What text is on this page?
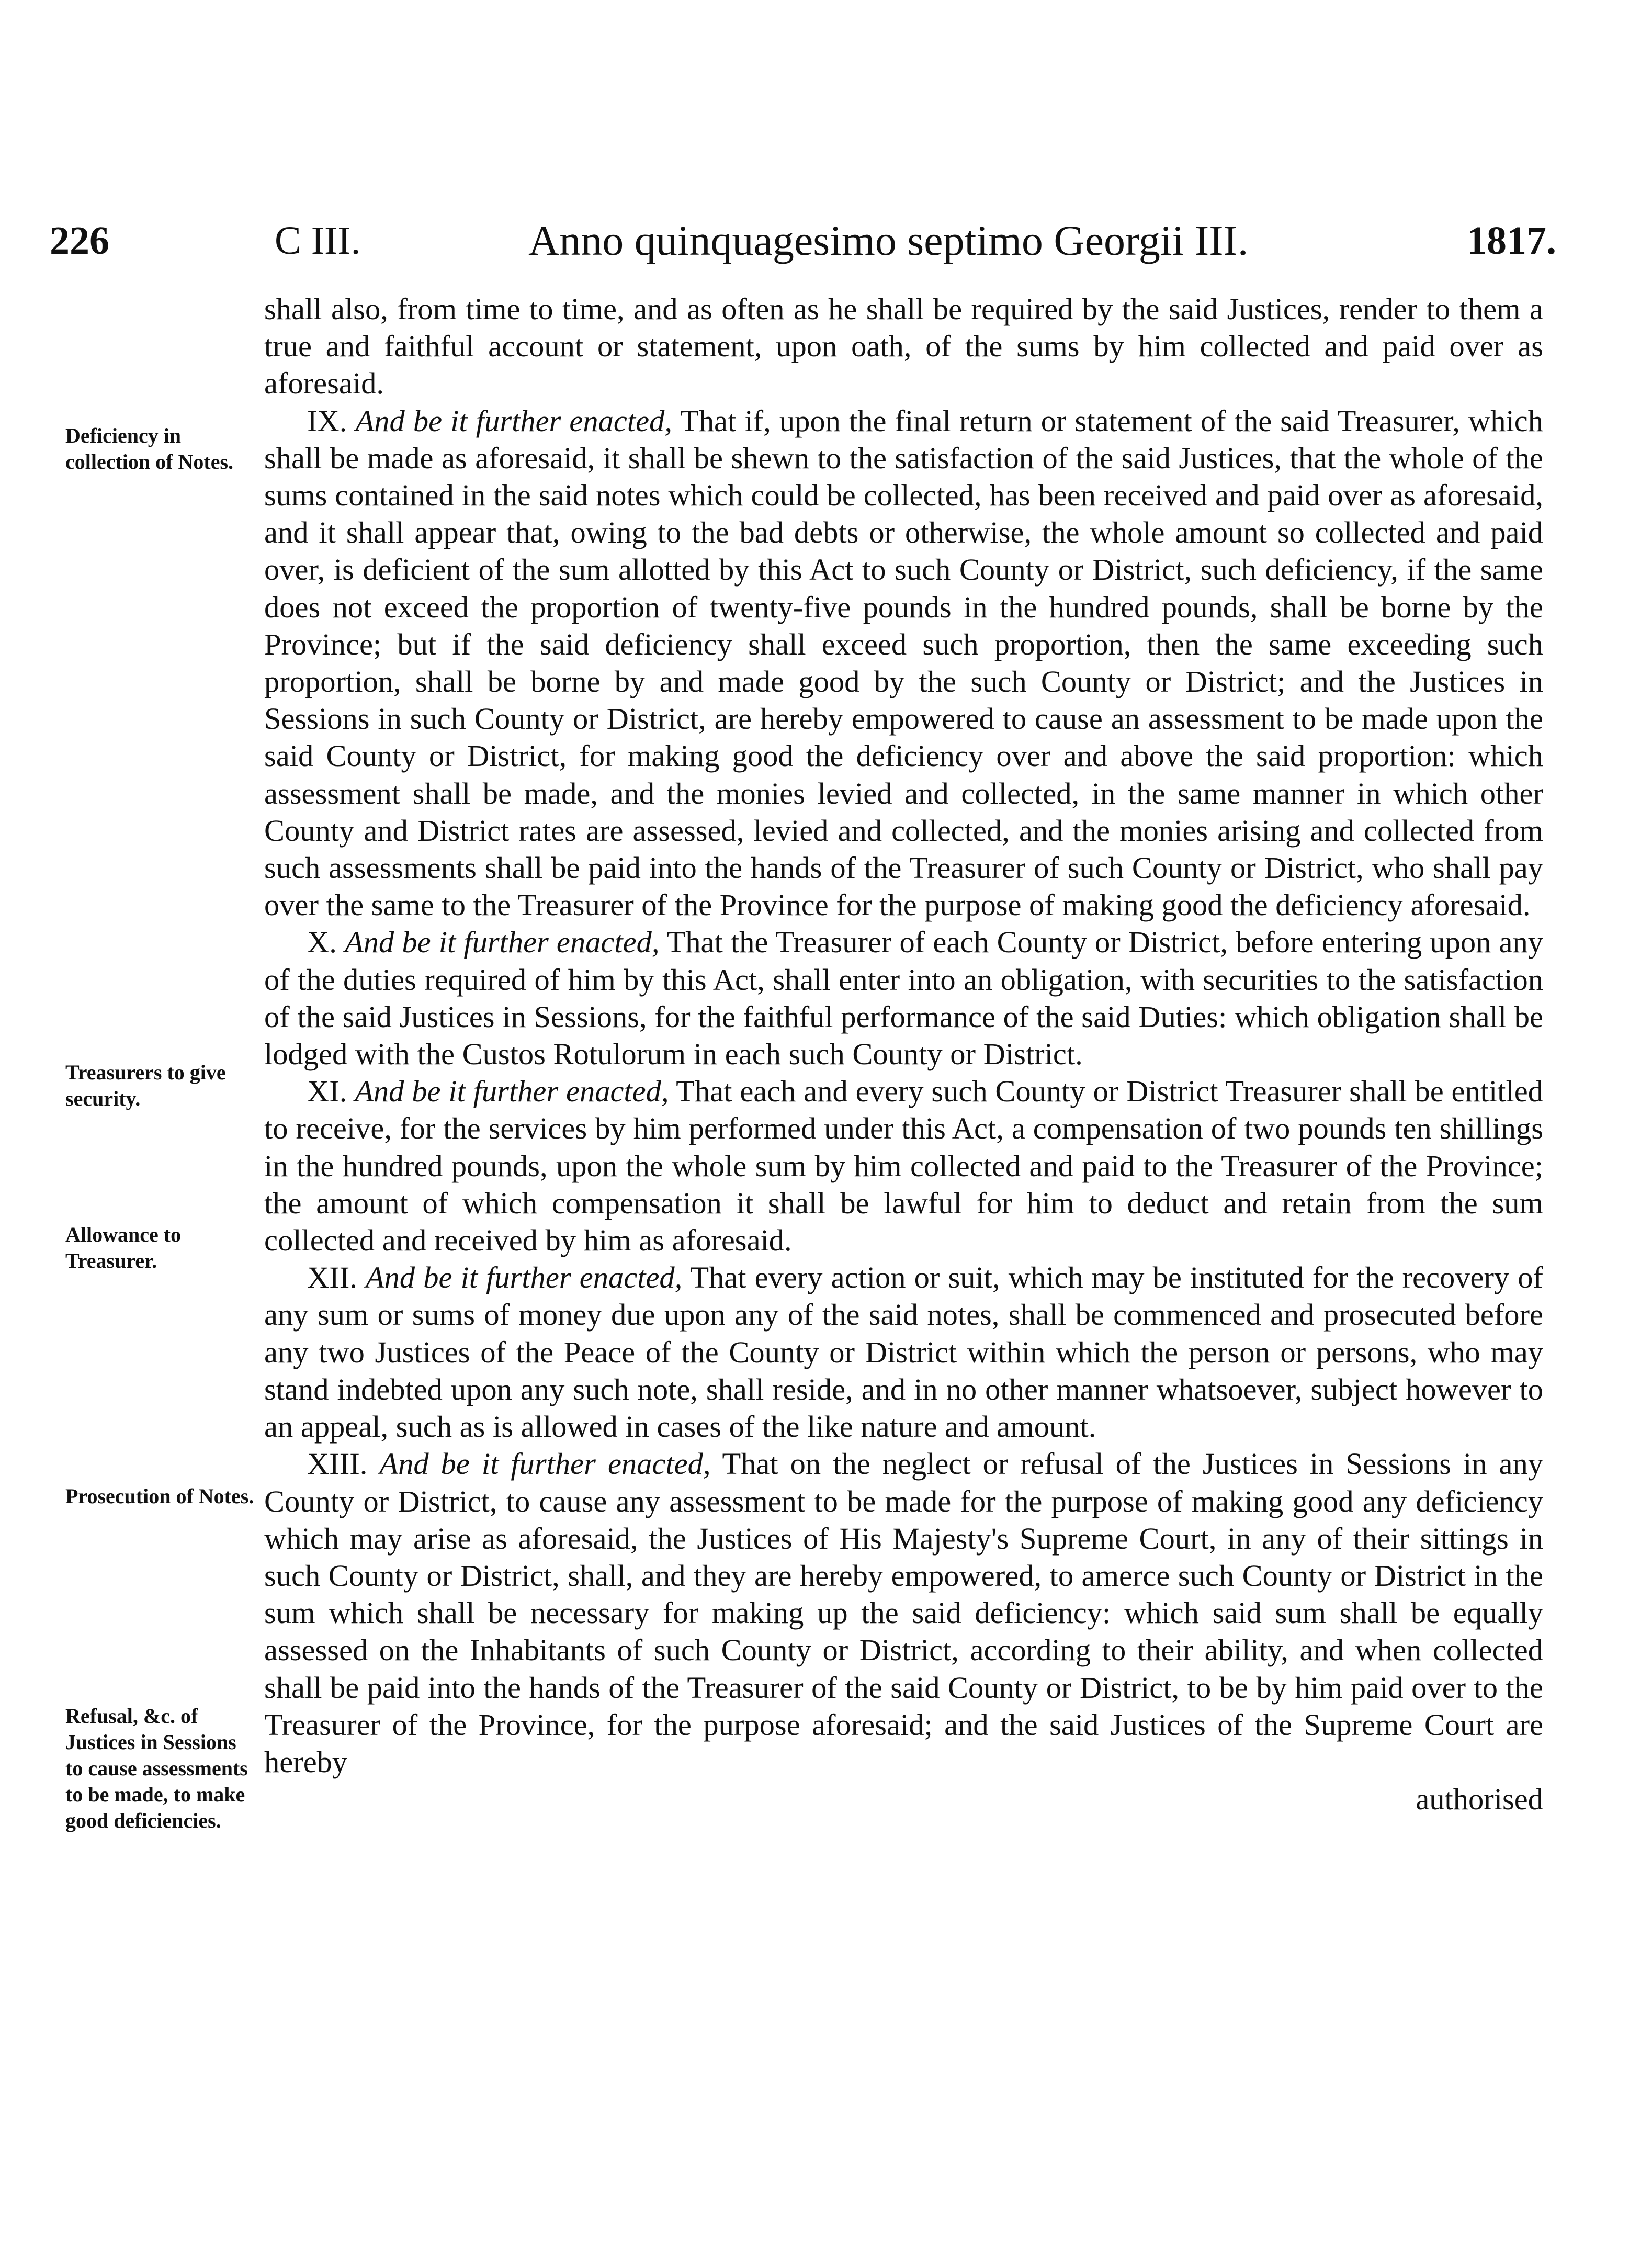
226	C III.	Anno quinquagesimo septimo Georgii III.	1817.
Deficiency in collection of Notes.
Treasurers to give security.
Allowance to Treasurer.
Prosecution of Notes.
Refusal, &c. of Justices in Sessions to cause assessments to be made, to make good deficiencies.

shall also, from time to time, and as often as he shall be required by the said Justices, render to them a true and faithful account or statement, upon oath, of the sums by him collected and paid over as aforesaid.

IX. And be it further enacted, That if, upon the final return or statement of the said Treasurer, which shall be made as aforesaid, it shall be shewn to the satisfaction of the said Justices, that the whole of the sums contained in the said notes which could be collected, has been received and paid over as aforesaid, and it shall appear that, owing to the bad debts or otherwise, the whole amount so collected and paid over, is deficient of the sum allotted by this Act to such County or District, such deficiency, if the same does not exceed the proportion of twenty-five pounds in the hundred pounds, shall be borne by the Province; but if the said deficiency shall exceed such proportion, then the same exceeding such proportion, shall be borne by and made good by the such County or District; and the Justices in Sessions in such County or District, are hereby empowered to cause an assessment to be made upon the said County or District, for making good the deficiency over and above the said proportion: which assessment shall be made, and the monies levied and collected, in the same manner in which other County and District rates are assessed, levied and collected, and the monies arising and collected from such assessments shall be paid into the hands of the Treasurer of such County or District, who shall pay over the same to the Treasurer of the Province for the purpose of making good the deficiency aforesaid.

X. And be it further enacted, That the Treasurer of each County or District, before entering upon any of the duties required of him by this Act, shall enter into an obligation, with securities to the satisfaction of the said Justices in Sessions, for the faithful performance of the said Duties: which obligation shall be lodged with the Custos Rotulorum in each such County or District.

XI. And be it further enacted, That each and every such County or District Treasurer shall be entitled to receive, for the services by him performed under this Act, a compensation of two pounds ten shillings in the hundred pounds, upon the whole sum by him collected and paid to the Treasurer of the Province; the amount of which compensation it shall be lawful for him to deduct and retain from the sum collected and received by him as aforesaid.

XII. And be it further enacted, That every action or suit, which may be instituted for the recovery of any sum or sums of money due upon any of the said notes, shall be commenced and prosecuted before any two Justices of the Peace of the County or District within which the person or persons, who may stand indebted upon any such note, shall reside, and in no other manner whatsoever, subject however to an appeal, such as is allowed in cases of the like nature and amount.

XIII. And be it further enacted, That on the neglect or refusal of the Justices in Sessions in any County or District, to cause any assessment to be made for the purpose of making good any deficiency which may arise as aforesaid, the Justices of His Majesty's Supreme Court, in any of their sittings in such County or District, shall, and they are hereby empowered, to amerce such County or District in the sum which shall be necessary for making up the said deficiency: which said sum shall be equally assessed on the Inhabitants of such County or District, according to their ability, and when collected shall be paid into the hands of the Treasurer of the said County or District, to be by him paid over to the Treasurer of the Province, for the purpose aforesaid; and the said Justices of the Supreme Court are hereby

authorised
